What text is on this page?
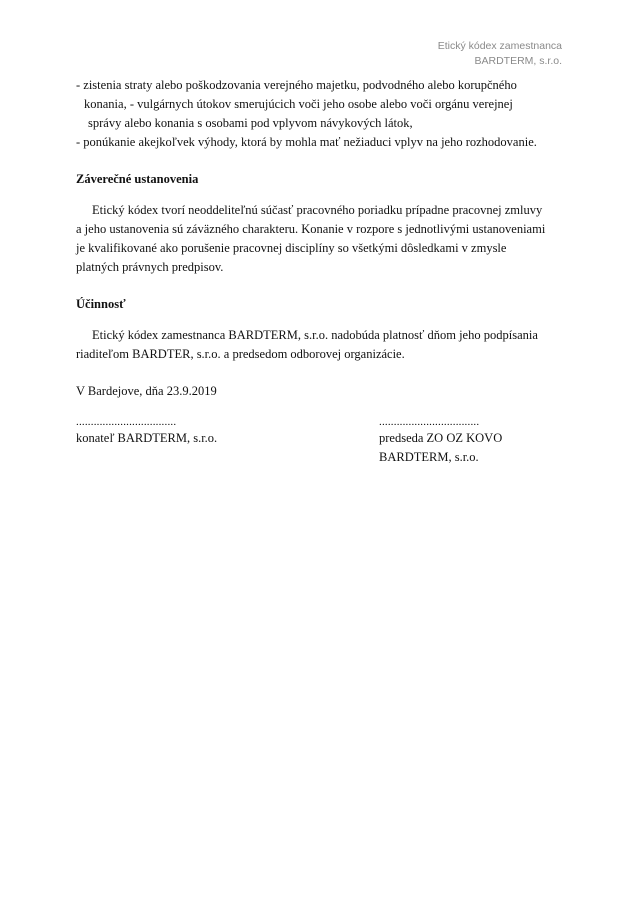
Etický kódex zamestnanca
BARDTERM, s.r.o.
- zistenia straty alebo poškodzovania verejného majetku, podvodného alebo korupčného
konania, - vulgárnych útokov smerujúcich voči jeho osobe alebo voči orgánu verejnej
správy alebo konania s osobami pod vplyvom návykových látok,
- ponúkanie akejkoľvek výhody, ktorá by mohla mať nežiaduci vplyv na jeho rozhodovanie.
Záverečné ustanovenia
Etický kódex tvorí neoddeliteľnú súčasť pracovného poriadku prípadne pracovnej zmluvy
a jeho ustanovenia sú záväzného charakteru. Konanie v rozpore s jednotlivými ustanoveniami
je kvalifikované ako porušenie pracovnej disciplíny so všetkými dôsledkami v zmysle
platných právnych predpisov.
Účinnosť
Etický kódex zamestnanca BARDTERM, s.r.o. nadobúda platnosť dňom jeho podpísania
riaditeľom BARDTER, s.r.o. a predsedom odborovej organizácie.
V Bardejove, dňa 23.9.2019
..................................
konateľ BARDTERM, s.r.o.
..................................
predseda ZO OZ KOVO
BARDTERM, s.r.o.
